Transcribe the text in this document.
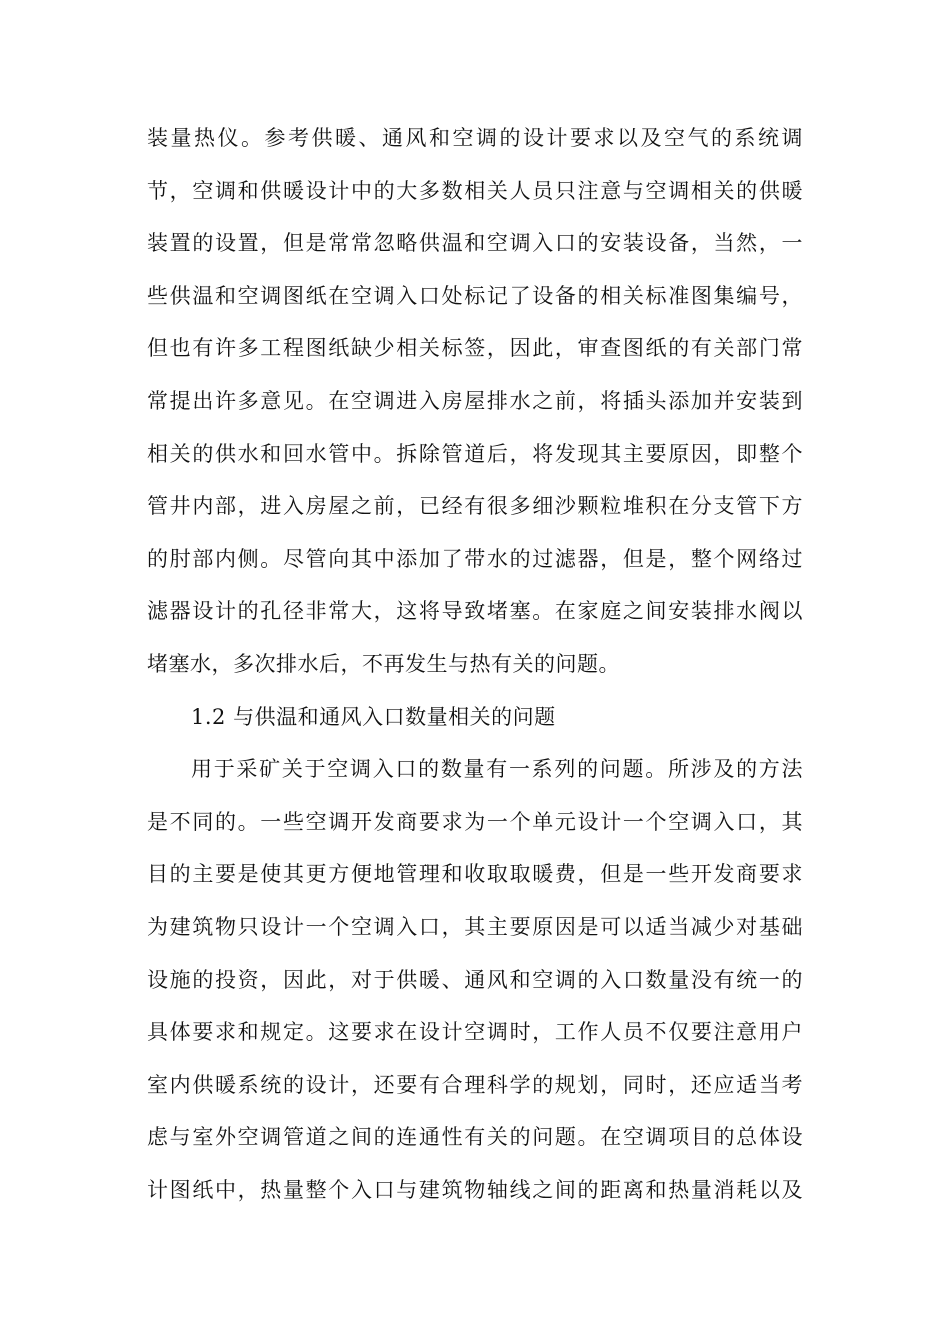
装量热仪。参考供暖、通风和空调的设计要求以及空气的系统调
节，空调和供暖设计中的大多数相关人员只注意与空调相关的供暖
装置的设置，但是常常忽略供温和空调入口的安装设备，当然，一
些供温和空调图纸在空调入口处标记了设备的相关标准图集编号，
但也有许多工程图纸缺少相关标签，因此，审查图纸的有关部门常
常提出许多意见。在空调进入房屋排水之前，将插头添加并安装到
相关的供水和回水管中。拆除管道后，将发现其主要原因，即整个
管井内部，进入房屋之前，已经有很多细沙颗粒堆积在分支管下方
的肘部内侧。尽管向其中添加了带水的过滤器，但是，整个网络过
滤器设计的孔径非常大，这将导致堵塞。在家庭之间安装排水阀以
堵塞水，多次排水后，不再发生与热有关的问题。
1.2 与供温和通风入口数量相关的问题
用于采矿关于空调入口的数量有一系列的问题。所涉及的方法
是不同的。一些空调开发商要求为一个单元设计一个空调入口，其
目的主要是使其更方便地管理和收取取暖费，但是一些开发商要求
为建筑物只设计一个空调入口，其主要原因是可以适当减少对基础
设施的投资，因此，对于供暖、通风和空调的入口数量没有统一的
具体要求和规定。这要求在设计空调时，工作人员不仅要注意用户
室内供暖系统的设计，还要有合理科学的规划，同时，还应适当考
虑与室外空调管道之间的连通性有关的问题。在空调项目的总体设
计图纸中，热量整个入口与建筑物轴线之间的距离和热量消耗以及
